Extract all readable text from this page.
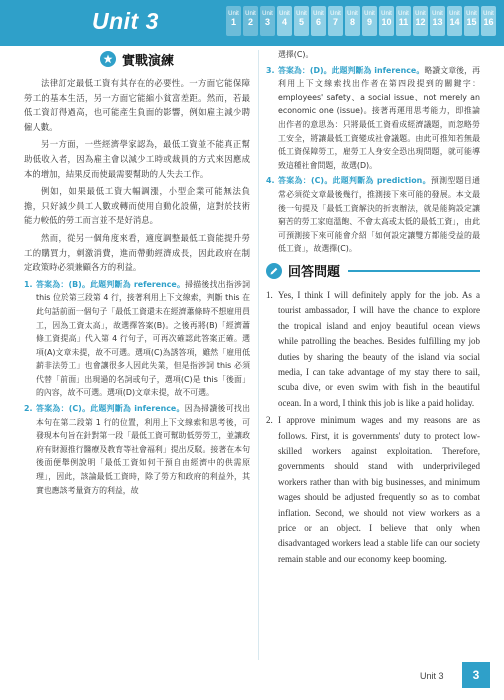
Unit 3	Unit
1
Unit
2
Unit
3
Unit
4
Unit
5
Unit
6
Unit
7
Unit
8
Unit
9
Unit
10
Unit
11
Unit
12
Unit
13
Unit
14
Unit
15
Unit
16
實戰演練

法律訂定最低工資有其存在的必要性。一方面它能保障勞工的基本生活，另一方面它能縮小貧富差距。然而，若最低工資訂得過高，也可能產生負面的影響，例如雇主減少聘僱人數。

另一方面，一些經濟學家認為，最低工資並不能真正幫助低收入者，因為雇主會以減少工時或裁員的方式來因應成本的增加，結果反而使最需要幫助的人失去工作。

例如，如果最低工資大幅調漲，小型企業可能無法負擔，只好減少員工人數或轉而使用自動化設備，這對於技術能力較低的勞工而言並不是好消息。

然而，從另一個角度來看，適度調整最低工資能提升勞工的購買力，刺激消費，進而帶動經濟成長，因此政府在制定政策時必須兼顧各方的利益。

1. 答案為：(B)。此題判斷為 reference。掃描後找出指涉詞 this 位於第三段第 4 行，接著利用上下文線索，判斷 this 在此句話前面一個句子「最低工資還未在經濟蕭條時不想雇用員工，因為工資太高」，故選擇答案(B)。之後再將(B)「經濟蕭條工資提高」代入第 4 行句子，可再次確認此答案正確。選項(A)文章未提，故不可選。選項(C)為誘答項，雖然「雇用低薪非法勞工」也會讓很多人因此失業，但是指涉詞 this 必須代替「前面」出現過的名詞或句子，選項(C)是 this「後面」的內容，故不可選。選項(D)文章未提，故不可選。
2. 答案為：(C)。此題判斷為 inference。因為掃讀後可找出本句在第二段第 1 行的位置，利用上下文線索和思考後，可發現本句旨在針對第一段「最低工資可幫助低勞勞工，並讓政府有財源推行醫療及教育等社會福利」提出反駁。接著在本句後面便舉例說明「最低工資如何干預自由經濟中的供需原理」，因此，該論最低工資時，除了勞方和政府的利益外，其實也應該考量資方的利益，故
選擇(C)。
3. 答案為：(D)。此題判斷為 inference。略讀文章後，再利用上下文線索找出作者在第四段提到的關鍵字：employees' safety、a social issue、not merely an economic one (issue)。接著再運用思考能力，即推論出作者的意思為：只將最低工資看成經濟議題，而忽略勞工安全，將讓最低工資變成社會議題。由此可推知若無最低工資保障勞工，雇勞工人身安全恐出現問題，就可能導致這種社會問題，故選(D)。
4. 答案為：(C)。此題判斷為 prediction。預測型題目通常必須從文章最後幾行，推測接下來可能的發展。本文最後一句提及「最低工資解決的折衷辦法，就是能夠設定讓窮苦的勞工家庭溫飽、不會太高或太低的最低工資」，由此可預測接下來可能會介紹「如何設定讓雙方都能受益的最低工資」，故選擇(C)。
回答問題
1. Yes, I think I will definitely apply for the job. As a tourist ambassador, I will have the chance to explore the tropical island and enjoy beautiful ocean views while patrolling the beaches. Besides fulfilling my job duties by sharing the beauty of the island via social media, I can take advantage of my stay there to sail, scuba dive, or even swim with fish in the beautiful ocean. In a word, I think this job is like a paid holiday.
2. I approve minimum wages and my reasons are as follows. First, it is governments' duty to protect low-skilled workers against exploitation. Therefore, governments should stand with underprivileged workers rather than with big businesses, and minimum wages should be adjusted frequently so as to combat inflation. Second, we should not view workers as a price or an object. I believe that only when disadvantaged workers lead a stable life can our society remain stable and our economy keep booming.
Unit 3	3
